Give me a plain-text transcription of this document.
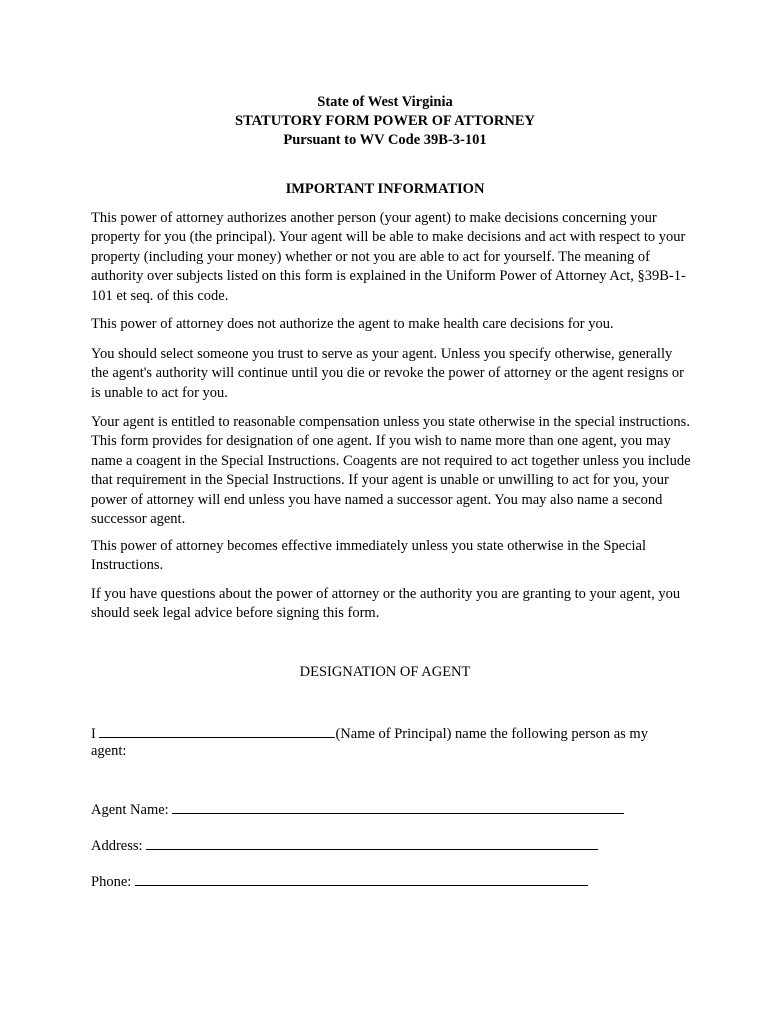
State of West Virginia
STATUTORY FORM POWER OF ATTORNEY
Pursuant to WV Code 39B-3-101
IMPORTANT INFORMATION
This power of attorney authorizes another person (your agent) to make decisions concerning your property for you (the principal). Your agent will be able to make decisions and act with respect to your property (including your money) whether or not you are able to act for yourself. The meaning of authority over subjects listed on this form is explained in the Uniform Power of Attorney Act, §39B-1-101 et seq. of this code.
This power of attorney does not authorize the agent to make health care decisions for you.
You should select someone you trust to serve as your agent. Unless you specify otherwise, generally the agent's authority will continue until you die or revoke the power of attorney or the agent resigns or is unable to act for you.
Your agent is entitled to reasonable compensation unless you state otherwise in the special instructions. This form provides for designation of one agent. If you wish to name more than one agent, you may name a coagent in the Special Instructions. Coagents are not required to act together unless you include that requirement in the Special Instructions. If your agent is unable or unwilling to act for you, your power of attorney will end unless you have named a successor agent. You may also name a second successor agent.
This power of attorney becomes effective immediately unless you state otherwise in the Special Instructions.
If you have questions about the power of attorney or the authority you are granting to your agent, you should seek legal advice before signing this form.
DESIGNATION OF AGENT
I	(Name of Principal) name the following person as my
agent:
Agent Name:
Address:
Phone:
